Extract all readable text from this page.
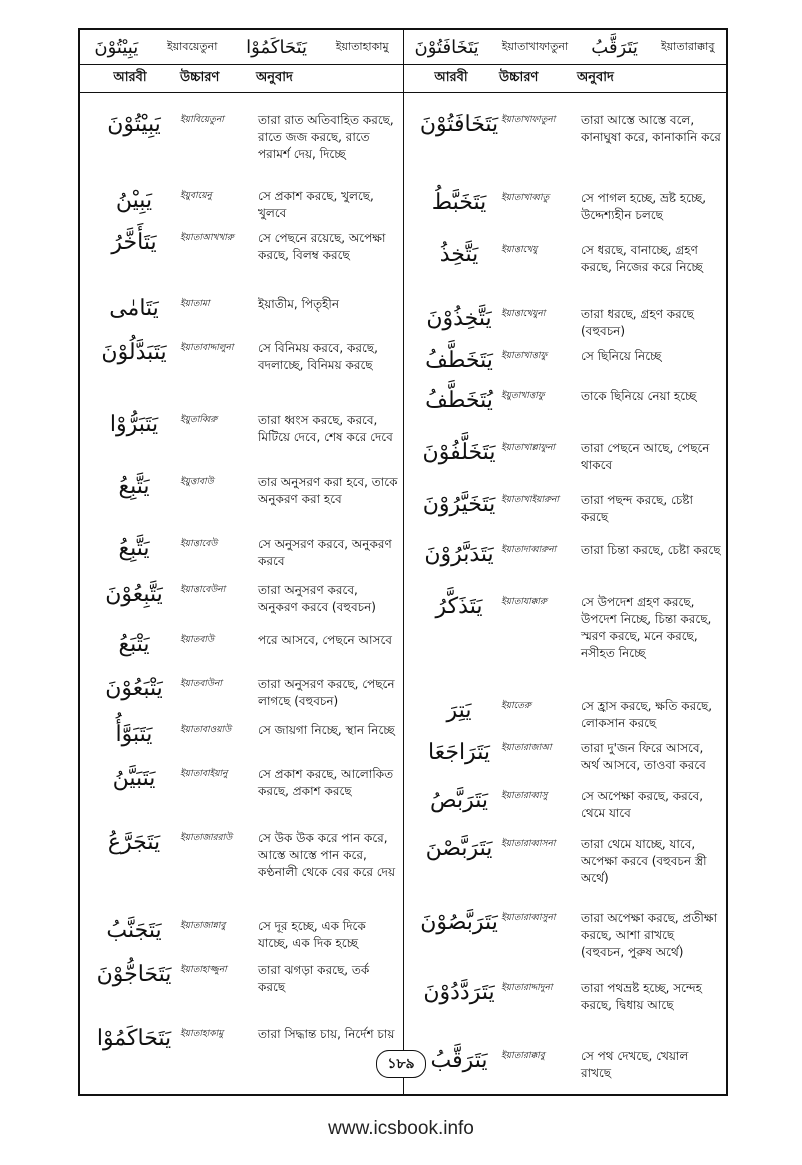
يَبِيْتُوْنَ	ইয়াবয়েতুনা يَتَحَاكَمُوْا	ইয়াতাহাকামু يَتَخَافَتُوْنَ ইয়াতাখাফাতুনা يَتَرَقَّبُ ইয়াতারাক্কাবু
আরবী	উচ্চারণ	অনুবাদ	আরবী	উচ্চারণ	অনুবাদ
يَبِيْتُوْنَ	ইয়াবিয়েতুনা	তারা রাত অতিবাহিত করছে, রাতে জজ করছে, রাতে পরামর্শ দেয়, দিচ্ছে
يَبِيْنُ	ইয়ুবায়েনু	সে প্রকাশ করছে, খুলছে, খুলবে
يَتَأَخَّرُ	ইয়াতাআখখারু	সে পেছনে রয়েছে, অপেক্ষা করছে, বিলম্ব করছে
يَتَامٰى	ইয়াতামা	ইয়াতীম, পিতৃহীন
يَتَبَدَّلُوْنَ	ইয়াতাবাদ্দালুনা	সে বিনিময় করবে, করছে, বদলাচ্ছে, বিনিময় করছে
يَتَبَرُّوْا	ইয়ুতাব্বিরু	তারা ধ্বংস করছে, করবে, মিটিয়ে দেবে, শেষ করে দেবে
يَتَّبِعُ	ইয়ুত্তাবাউ	তার অনুসরণ করা হবে, তাকে অনুকরণ করা হবে
يَتَّبِعُ	ইয়াত্তাবেউ	সে অনুসরণ করবে, অনুকরণ করবে
يَتَّبِعُوْنَ	ইয়াত্তাবেউনা	তারা অনুসরণ করবে, অনুকরণ করবে (বহুবচন)
يَتْبَعُ	ইয়াতবাউ	পরে আসবে, পেছনে আসবে
يَتْبَعُوْنَ	ইয়াতবাউনা	তারা অনুসরণ করছে, পেছনে লাগছে (বহুবচন)
يَتَبَوَّأُ	ইয়াতাবাওয়াউ	সে জায়গা নিচ্ছে, স্থান নিচ্ছে
يَتَبَيَّنُ	ইয়াতাবাইয়ানু	সে প্রকাশ করছে, আলোকিত করছে, প্রকাশ করছে
يَتَجَرَّعُ	ইয়াতাজাররাউ	সে উক উক করে পান করে, আস্তে আস্তে পান করে, কণ্ঠনালী থেকে বের করে দেয়
يَتَجَنَّبُ	ইয়াতাজান্নাবু	সে দূর হচ্ছে, এক দিকে যাচ্ছে, এক দিক হচ্ছে
يَتَحَاجُّوْنَ ইয়াতাহাজ্জুনা	তারা ঝগড়া করছে, তর্ক করছে
يَتَحَاكَمُوْا ইয়াতাহাকামু	তারা সিদ্ধান্ত চায়, নির্দেশ চায়
يَتَخَافَتُوْنَ ইয়াতাখাফাতুনা	তারা আস্তে আস্তে বলে, কানাঘুষা করে, কানাকানি করে
يَتَخَبَّطُ	ইয়াতাখাব্বাতু	সে পাগল হচ্ছে, ভ্রষ্ট হচ্ছে, উদ্দেশ্যহীন চলছে
يَتَّخِذُ	ইয়াত্তাখেযু	সে ধরছে, বানাচ্ছে, গ্রহণ করছে, নিজের করে নিচ্ছে
يَتَّخِذُوْنَ	ইয়াত্তাখেযুনা	তারা ধরছে, গ্রহণ করছে (বহুবচন)
يَتَخَطَّفُ ইয়াতাখাত্তাফু	সে ছিনিয়ে নিচ্ছে
يُتَخَطَّفُ ইয়ুতাখাত্তাফু	তাকে ছিনিয়ে নেয়া হচ্ছে
يَتَخَلَّفُوْنَ ইয়াতাখাল্লাফুনা	তারা পেছনে আছে, পেছনে থাকবে
يَتَخَيَّرُوْنَ ইয়াতাখাইয়ারুনা	তারা পছন্দ করছে, চেষ্টা করছে
يَتَدَبَّرُوْنَ ইয়াতাদাব্বারুনা	তারা চিন্তা করছে, চেষ্টা করছে
يَتَذَكَّرُ	ইয়াতাযাক্কারু	সে উপদেশ গ্রহণ করছে, উপদেশ নিচ্ছে, চিন্তা করছে, স্মরণ করছে, মনে করছে, নসীহত নিচ্ছে
يَتِرَ	ইয়াতেরু	সে হ্রাস করছে, ক্ষতি করছে, লোকসান করছে
يَتَرَاجَعَا	ইয়াতারাজাআ	তারা দু'জন ফিরে আসবে, অর্থ আসবে, তাওবা করবে
يَتَرَبَّصُ	ইয়াতারাব্বাসু	সে অপেক্ষা করছে, করবে, থেমে যাবে
يَتَرَبَّصْنَ ইয়াতারাব্বাসনা	তারা থেমে যাচ্ছে, যাবে, অপেক্ষা করবে (বহুবচন স্ত্রী অর্থে)
يَتَرَبَّصُوْنَ ইয়াতারাব্বাসুনা	তারা অপেক্ষা করছে, প্রতীক্ষা করছে, আশা রাখছে (বহুবচন, পুরুষ অর্থে)
يَتَرَدَّدُوْنَ ইয়াতারাদ্দাদুনা	তারা পথভ্রষ্ট হচ্ছে, সন্দেহ করছে, দ্বিধায় আছে
يَتَرَقَّبُ	ইয়াতারাক্কাবু	সে পথ দেখছে, খেয়াল রাখছে
১৮৯
www.icsbook.info
